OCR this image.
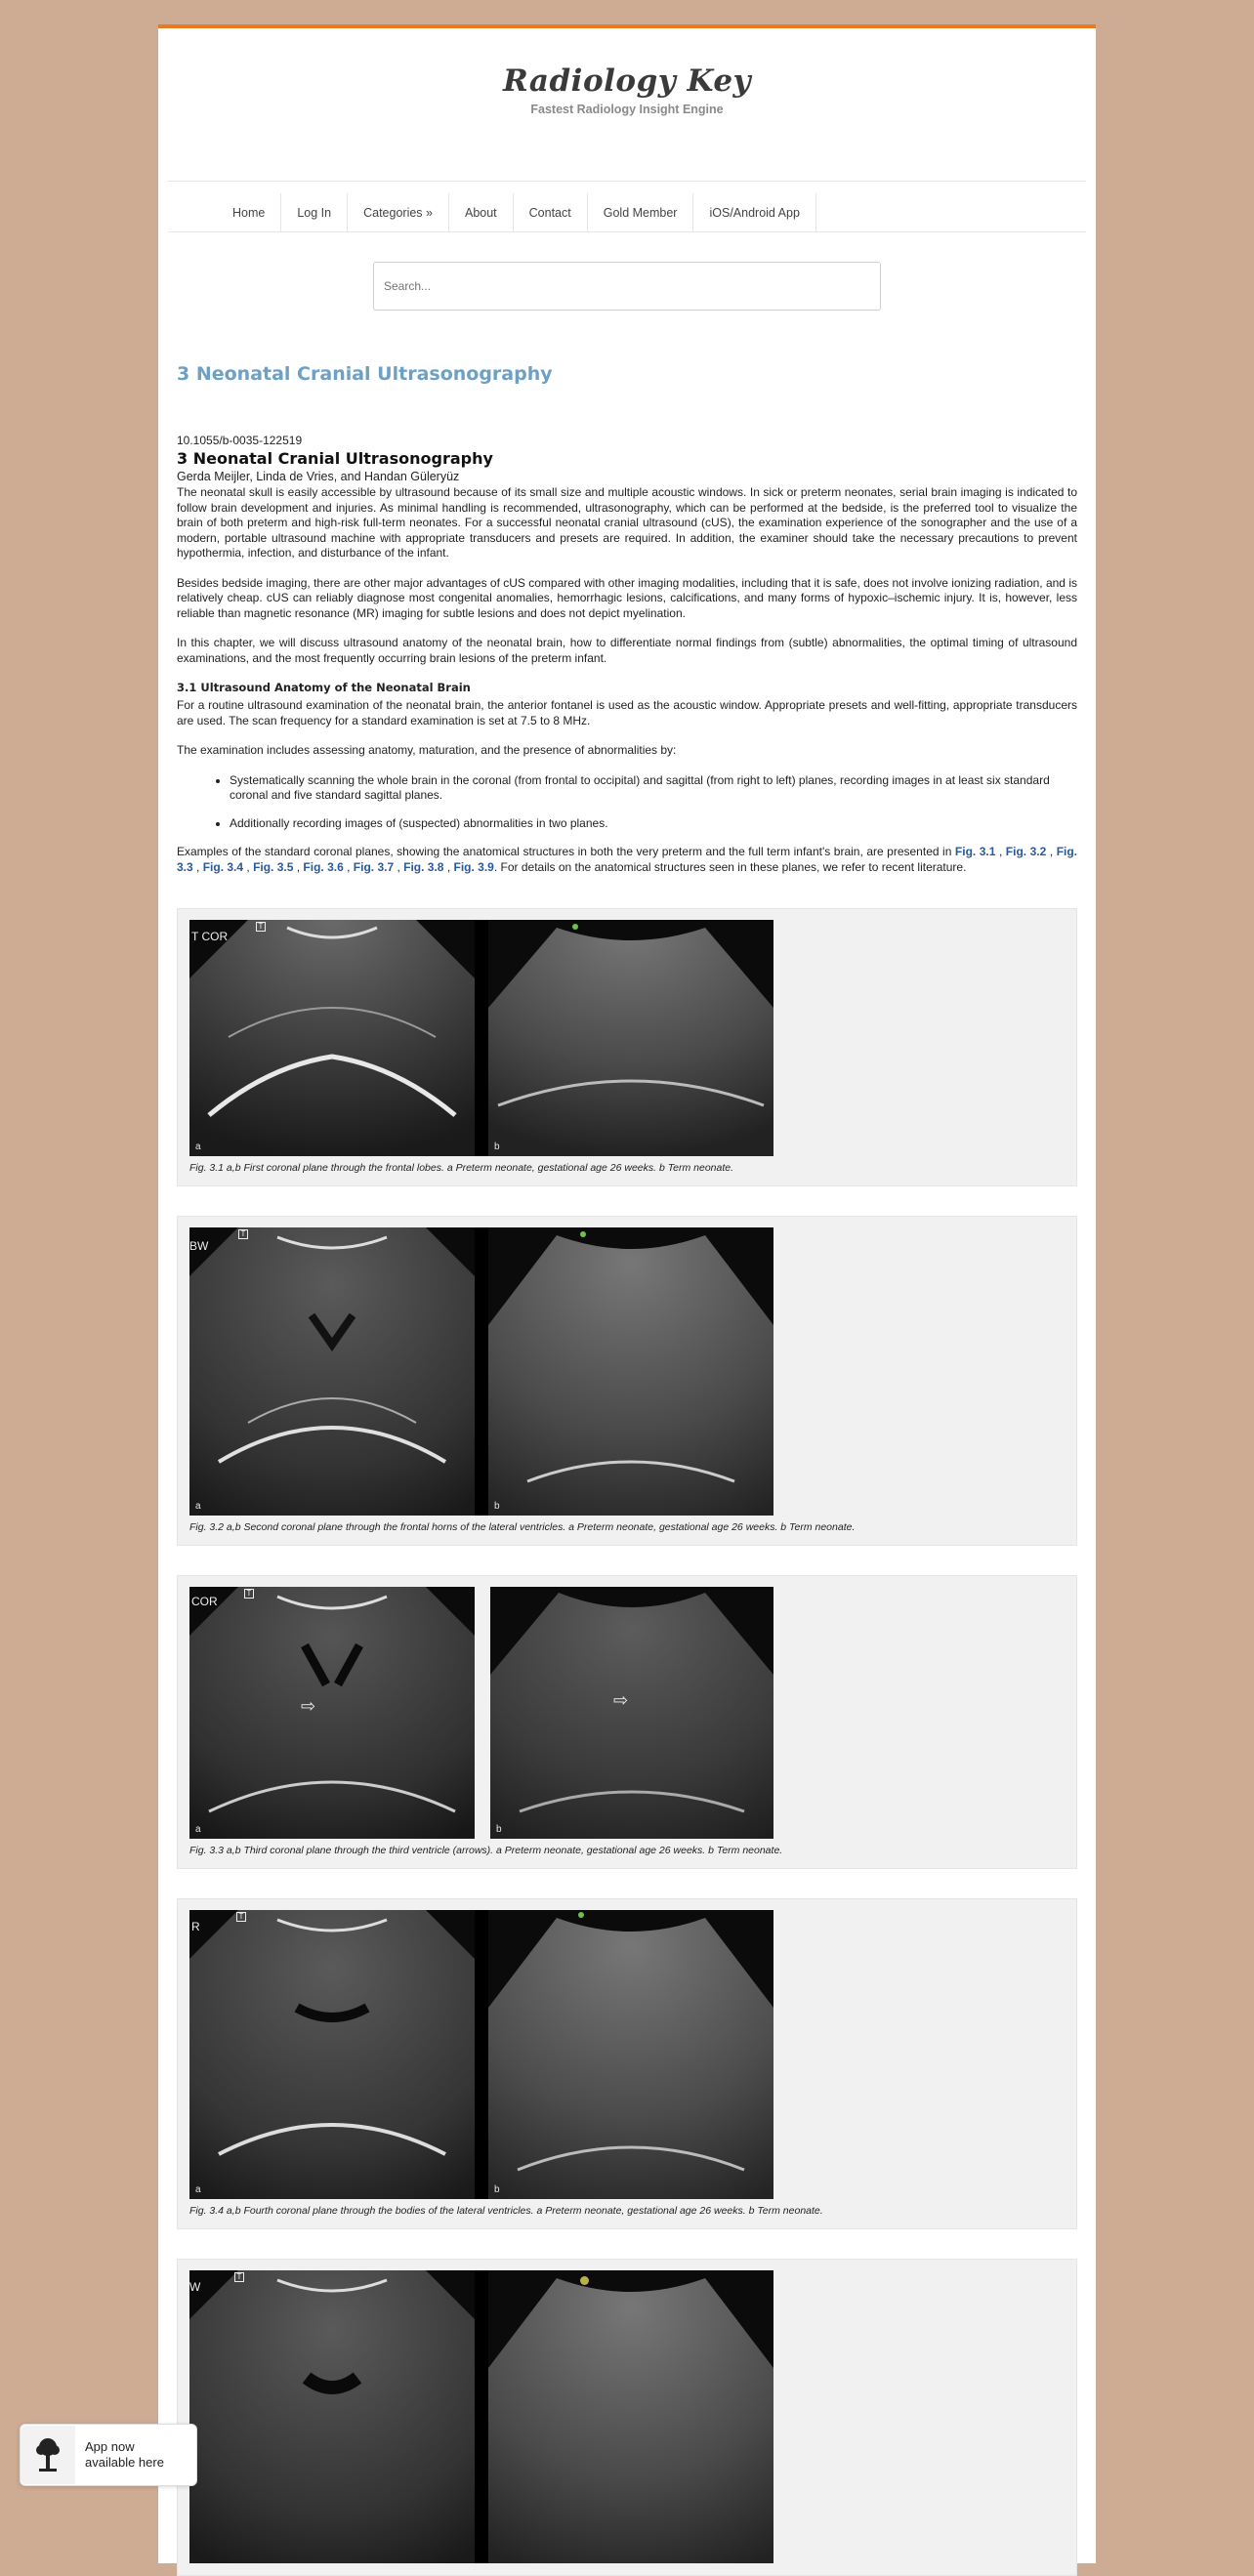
Radiology Key
Fastest Radiology Insight Engine
Home	Log In	Categories »	About	Contact	Gold Member	iOS/Android App
Search...
3 Neonatal Cranial Ultrasonography
10.1055/b-0035-122519
3 Neonatal Cranial Ultrasonography
Gerda Meijler, Linda de Vries, and Handan Güleryüz

The neonatal skull is easily accessible by ultrasound because of its small size and multiple acoustic windows. In sick or preterm neonates, serial brain imaging is indicated to follow brain development and injuries. As minimal handling is recommended, ultrasonography, which can be performed at the bedside, is the preferred tool to visualize the brain of both preterm and high-risk full-term neonates. For a successful neonatal cranial ultrasound (cUS), the examination experience of the sonographer and the use of a modern, portable ultrasound machine with appropriate transducers and presets are required. In addition, the examiner should take the necessary precautions to prevent hypothermia, infection, and disturbance of the infant.

Besides bedside imaging, there are other major advantages of cUS compared with other imaging modalities, including that it is safe, does not involve ionizing radiation, and is relatively cheap. cUS can reliably diagnose most congenital anomalies, hemorrhagic lesions, calcifications, and many forms of hypoxic–ischemic injury. It is, however, less reliable than magnetic resonance (MR) imaging for subtle lesions and does not depict myelination.

In this chapter, we will discuss ultrasound anatomy of the neonatal brain, how to differentiate normal findings from (subtle) abnormalities, the optimal timing of ultrasound examinations, and the most frequently occurring brain lesions of the preterm infant.

3.1 Ultrasound Anatomy of the Neonatal Brain

For a routine ultrasound examination of the neonatal brain, the anterior fontanel is used as the acoustic window. Appropriate presets and well-fitting, appropriate transducers are used. The scan frequency for a standard examination is set at 7.5 to 8 MHz.

The examination includes assessing anatomy, maturation, and the presence of abnormalities by:

• Systematically scanning the whole brain in the coronal (from frontal to occipital) and sagittal (from right to left) planes, recording images in at least six standard coronal and five standard sagittal planes.
• Additionally recording images of (suspected) abnormalities in two planes.

Examples of the standard coronal planes, showing the anatomical structures in both the very preterm and the full term infant's brain, are presented in Fig. 3.1 , Fig. 3.2 , Fig. 3.3 , Fig. 3.4 , Fig. 3.5 , Fig. 3.6 , Fig. 3.7 , Fig. 3.8 , Fig. 3.9. For details on the anatomical structures seen in these planes, we refer to recent literature.

T COR
T
a	b
Fig. 3.1 a,b First coronal plane through the frontal lobes. a Preterm neonate, gestational age 26 weeks. b Term neonate.
BW
T
a	b
Fig. 3.2 a,b Second coronal plane through the frontal horns of the lateral ventricles. a Preterm neonate, gestational age 26 weeks. b Term neonate.
COR
T
⇨
a
⇨
b
Fig. 3.3 a,b Third coronal plane through the third ventricle (arrows). a Preterm neonate, gestational age 26 weeks. b Term neonate.
R
T
a	b
Fig. 3.4 a,b Fourth coronal plane through the bodies of the lateral ventricles. a Preterm neonate, gestational age 26 weeks. b Term neonate.
W
T
App now
available here
